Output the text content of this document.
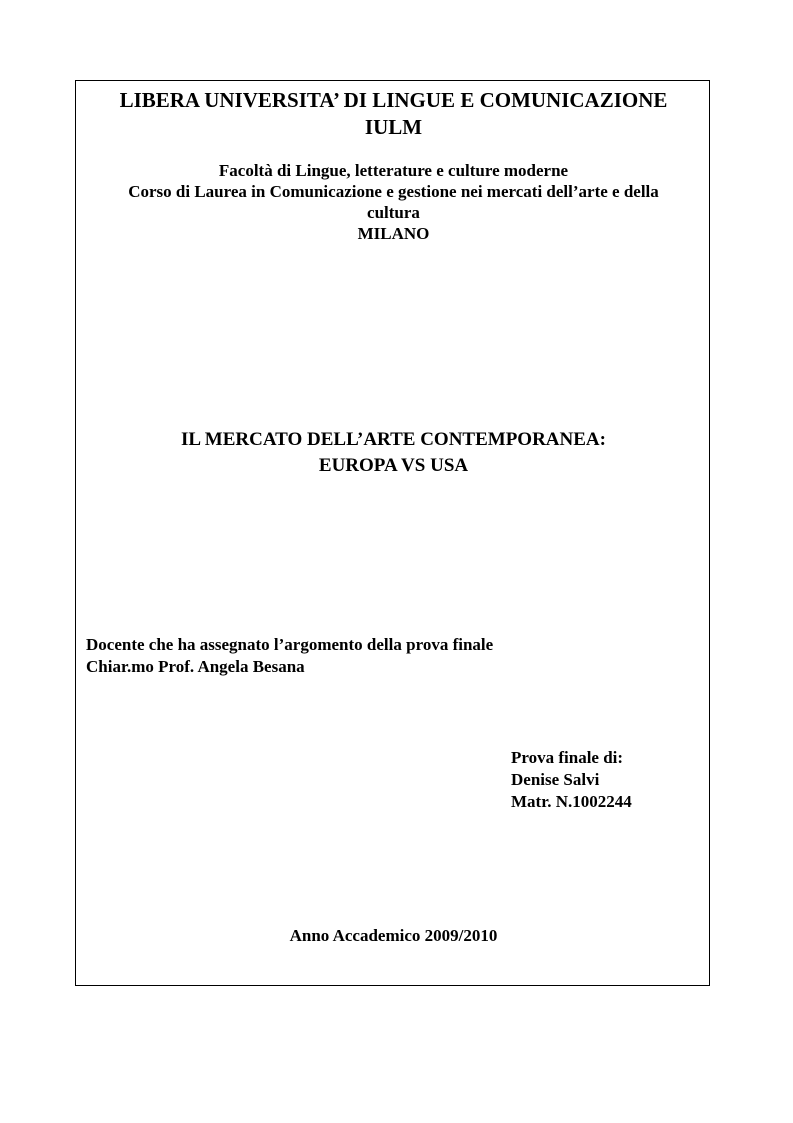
LIBERA UNIVERSITA’ DI LINGUE E COMUNICAZIONE
IULM
Facoltà di Lingue, letterature e culture moderne
Corso di Laurea in Comunicazione e gestione nei mercati dell’arte e della
cultura
MILANO
IL MERCATO DELL’ARTE CONTEMPORANEA:
EUROPA VS USA
Docente che ha assegnato l’argomento della prova finale
Chiar.mo Prof. Angela Besana
Prova finale di:
Denise Salvi
Matr. N.1002244
Anno Accademico 2009/2010
